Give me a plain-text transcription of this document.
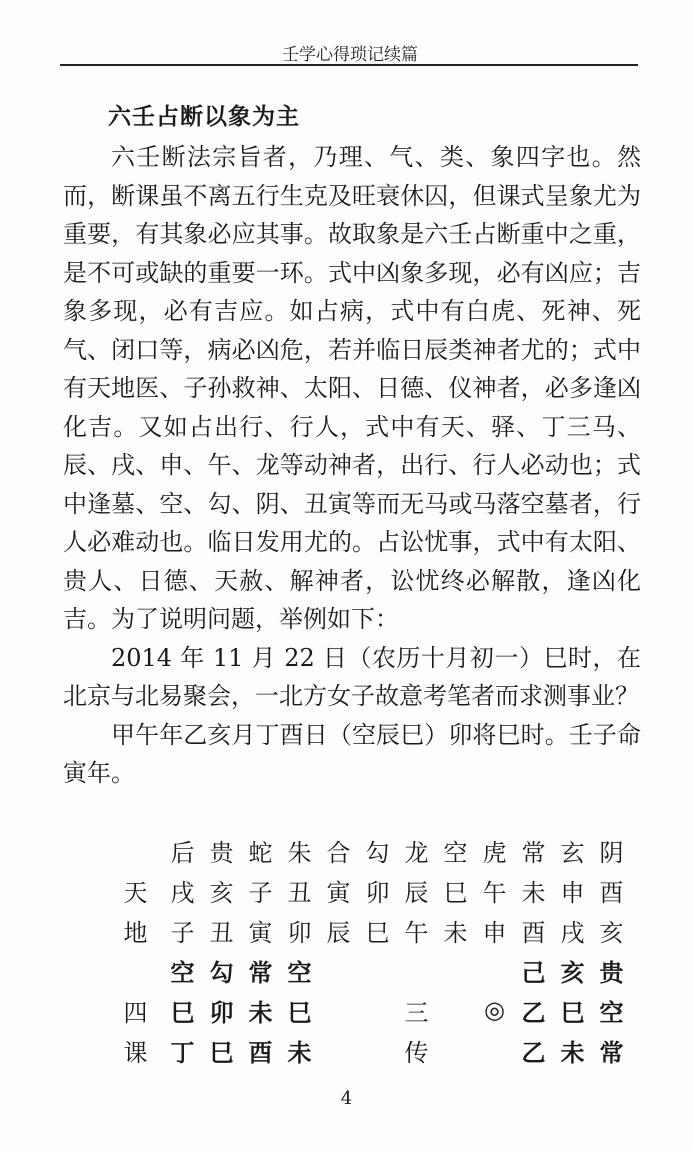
壬学心得琐记续篇
六壬占断以象为主

六壬断法宗旨者，乃理、气、类、象四字也。然而，断课虽不离五行生克及旺衰休囚，但课式呈象尤为重要，有其象必应其事。故取象是六壬占断重中之重，是不可或缺的重要一环。式中凶象多现，必有凶应；吉象多现，必有吉应。如占病，式中有白虎、死神、死气、闭口等，病必凶危，若并临日辰类神者尤的；式中有天地医、子孙救神、太阳、日德、仪神者，必多逢凶化吉。又如占出行、行人，式中有天、驿、丁三马、辰、戌、申、午、龙等动神者，出行、行人必动也；式中逢墓、空、勾、阴、丑寅等而无马或马落空墓者，行人必难动也。临日发用尤的。占讼忧事，式中有太阳、贵人、日德、天赦、解神者，讼忧终必解散，逢凶化吉。为了说明问题，举例如下：

2014 年 11 月 22 日（农历十月初一）巳时，在北京与北易聚会，一北方女子故意考笔者而求测事业？

甲午年乙亥月丁酉日（空辰巳）卯将巳时。壬子命寅年。

	后	贵	蛇	朱	合	勾	龙	空	虎	常	玄	阴
天	戌	亥	子	丑	寅	卯	辰	巳	午	未	申	酉
地	子	丑	寅	卯	辰	巳	午	未	申	酉	戌	亥
	空	勾	常	空						己	亥	贵
四	巳	卯	未	巳			三		◎	乙	巳	空
课	丁	巳	酉	未			传			乙	未	常
4
